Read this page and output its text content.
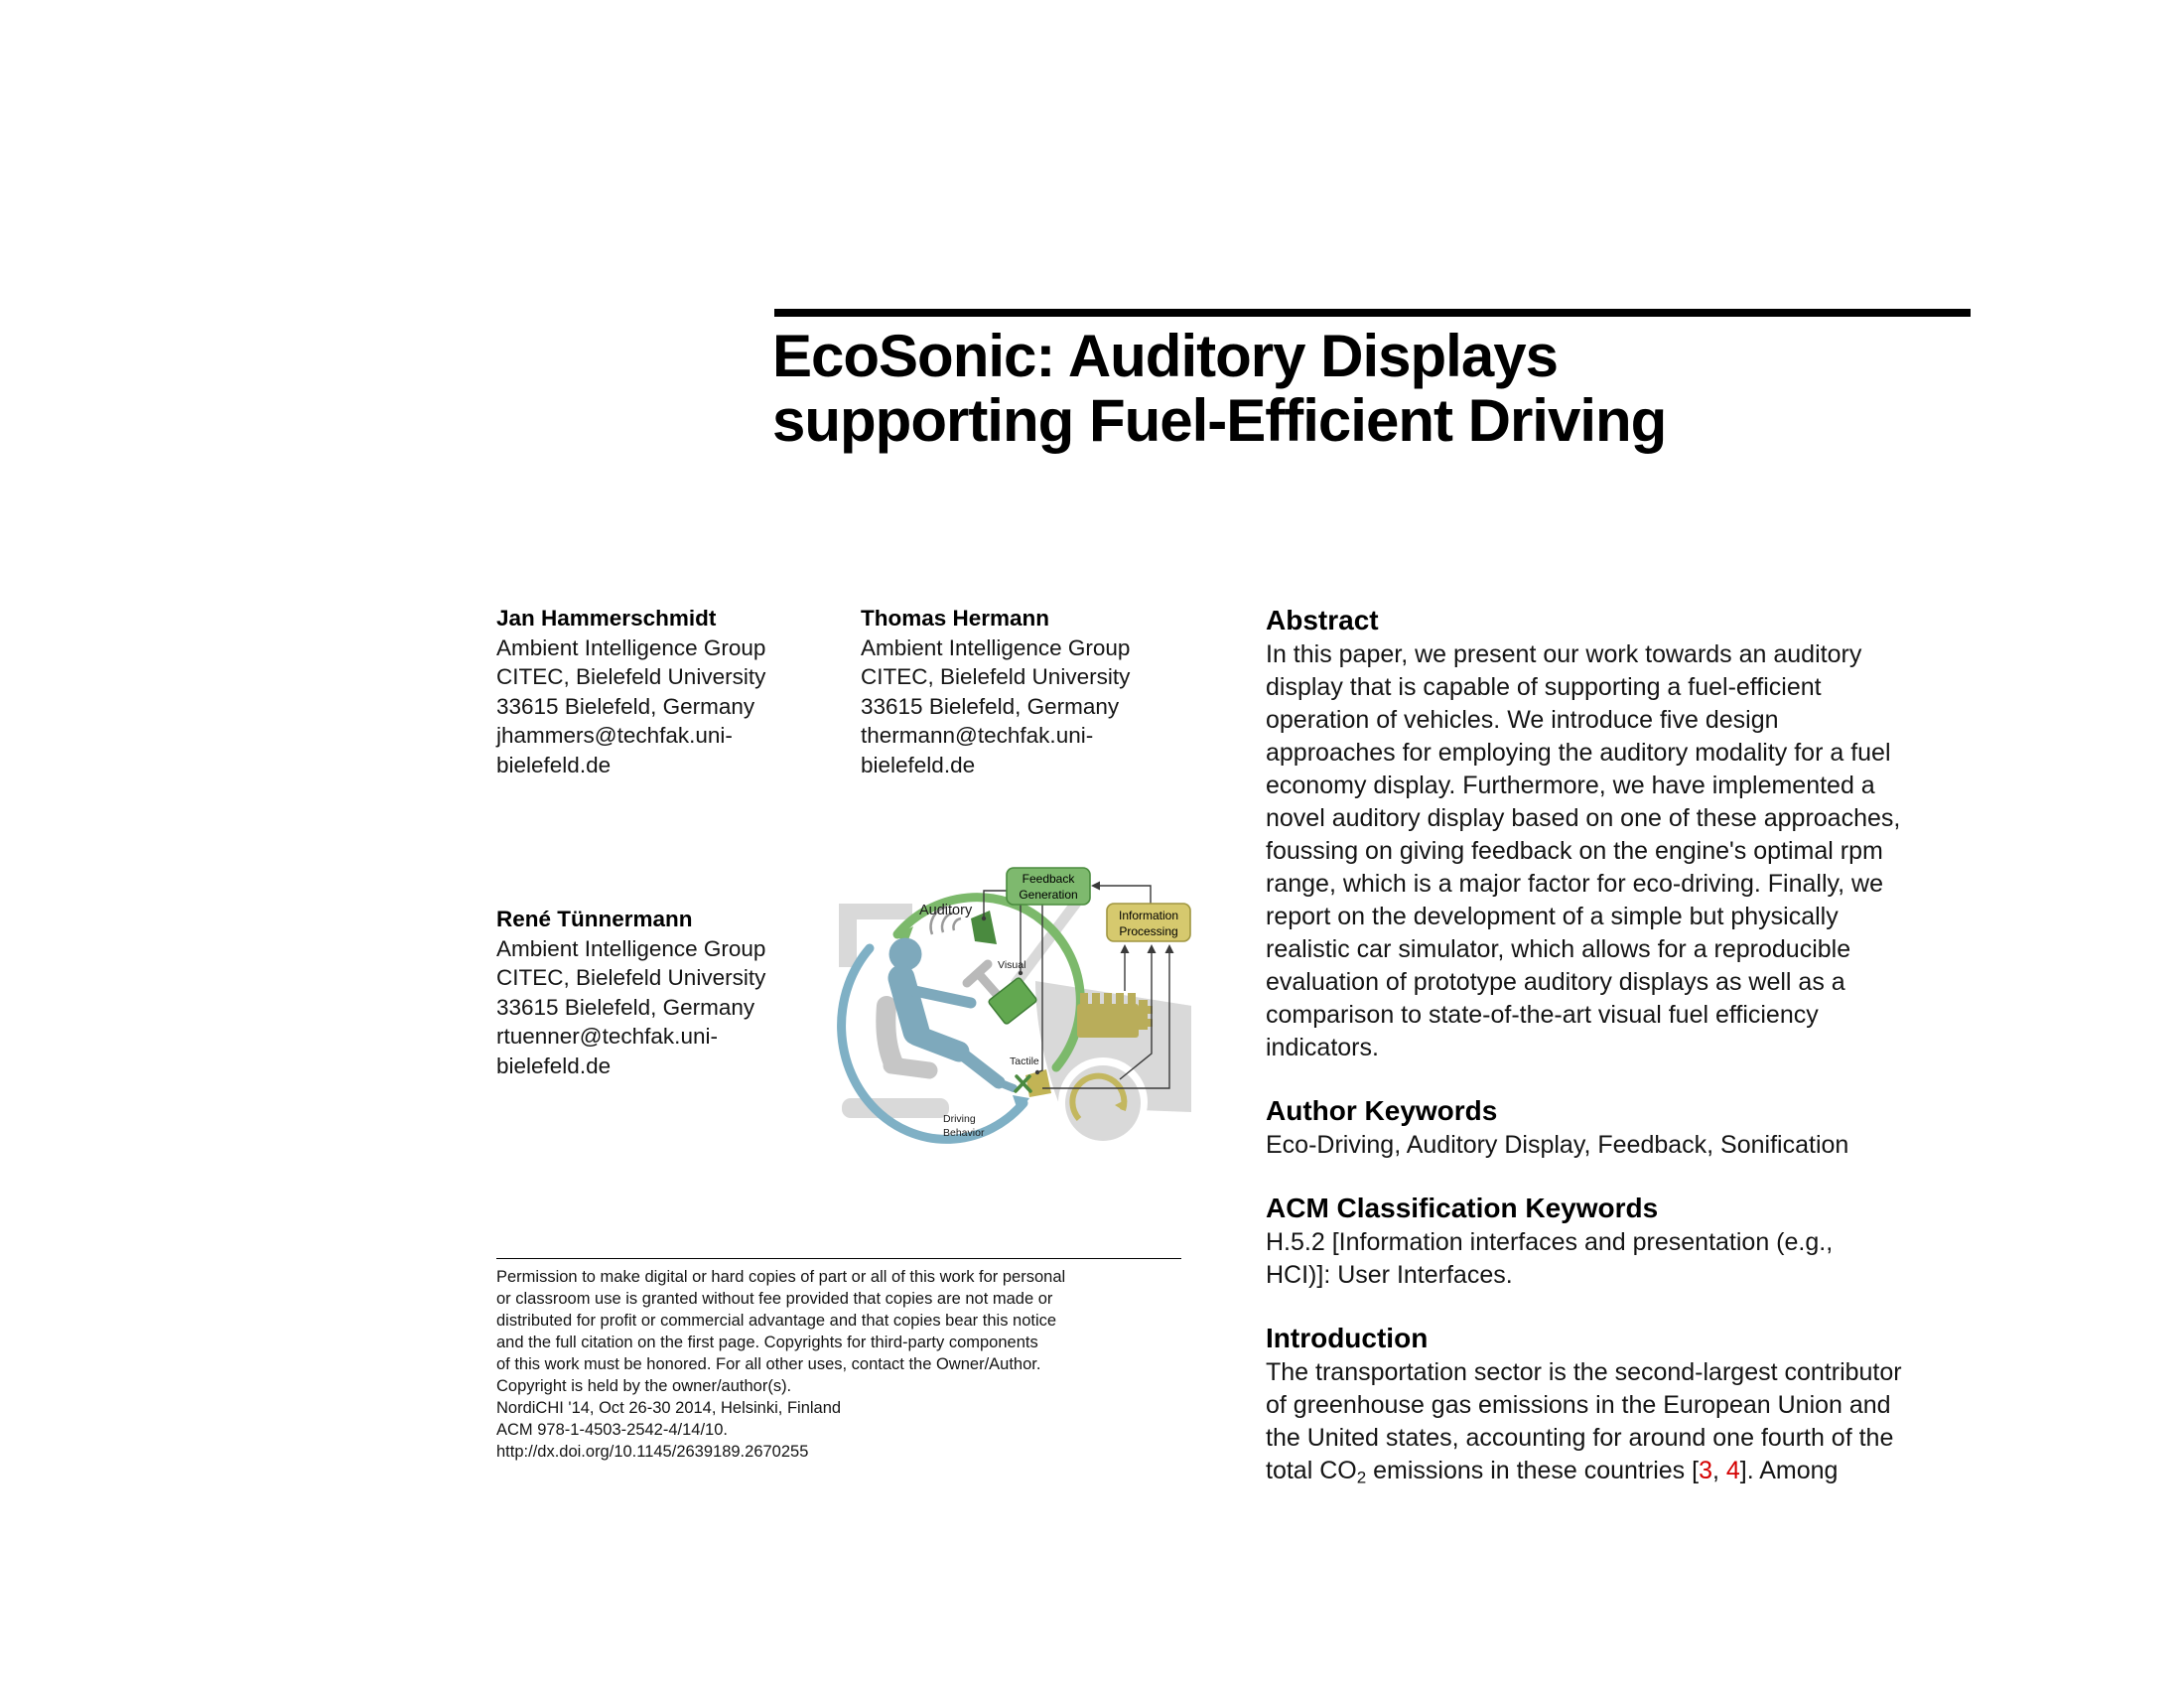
EcoSonic: Auditory Displays
supporting Fuel-Efficient Driving
Jan Hammerschmidt
Ambient Intelligence Group
CITEC, Bielefeld University
33615 Bielefeld, Germany
jhammers@techfak.uni-
bielefeld.de
Thomas Hermann
Ambient Intelligence Group
CITEC, Bielefeld University
33615 Bielefeld, Germany
thermann@techfak.uni-
bielefeld.de
René Tünnermann
Ambient Intelligence Group
CITEC, Bielefeld University
33615 Bielefeld, Germany
rtuenner@techfak.uni-
bielefeld.de
Feedback
Generation
Information
Processing
Auditory
Visual
Tactile
Driving
Behavior
Permission to make digital or hard copies of part or all of this work for personal
or classroom use is granted without fee provided that copies are not made or
distributed for profit or commercial advantage and that copies bear this notice
and the full citation on the first page. Copyrights for third-party components
of this work must be honored. For all other uses, contact the Owner/Author.
Copyright is held by the owner/author(s).
NordiCHI '14, Oct 26-30 2014, Helsinki, Finland
ACM 978-1-4503-2542-4/14/10.
http://dx.doi.org/10.1145/2639189.2670255
Abstract
In this paper, we present our work towards an auditory
display that is capable of supporting a fuel-efficient
operation of vehicles. We introduce five design
approaches for employing the auditory modality for a fuel
economy display. Furthermore, we have implemented a
novel auditory display based on one of these approaches,
foussing on giving feedback on the engine's optimal rpm
range, which is a major factor for eco-driving. Finally, we
report on the development of a simple but physically
realistic car simulator, which allows for a reproducible
evaluation of prototype auditory displays as well as a
comparison to state-of-the-art visual fuel efficiency
indicators.
Author Keywords
Eco-Driving, Auditory Display, Feedback, Sonification
ACM Classification Keywords
H.5.2 [Information interfaces and presentation (e.g.,
HCI)]: User Interfaces.
Introduction
The transportation sector is the second-largest contributor
of greenhouse gas emissions in the European Union and
the United states, accounting for around one fourth of the
total $CO_2$ emissions in these countries [3, 4]. Among
